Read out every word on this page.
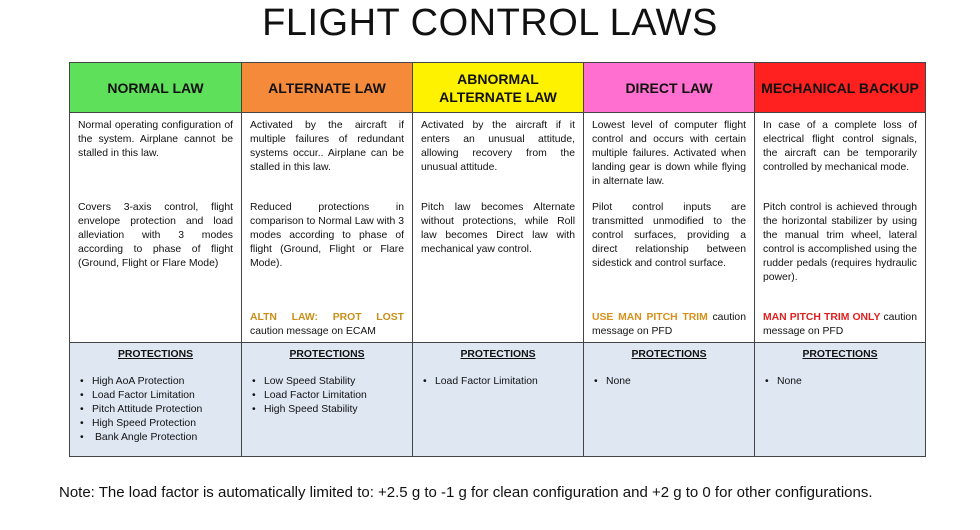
FLIGHT CONTROL LAWS
NORMAL LAW	ALTERNATE LAW
ABNORMAL ALTERNATE LAW
DIRECT LAW	MECHANICAL BACKUP
Normal operating configuration of the system. Airplane cannot be stalled in this law.
Covers 3-axis control, flight envelope protection and load alleviation with 3 modes according to phase of flight (Ground, Flight or Flare Mode)
Activated by the aircraft if multiple failures of redundant systems occur.. Airplane can be stalled in this law.
Reduced protections in comparison to Normal Law with 3 modes according to phase of flight (Ground, Flight or Flare Mode).
ALTN LAW: PROT LOST caution message on ECAM
Activated by the aircraft if it enters an unusual attitude, allowing recovery from the unusual attitude.
Pitch law becomes Alternate without protections, while Roll law becomes Direct law with mechanical yaw control.
Lowest level of computer flight control and occurs with certain multiple failures. Activated when landing gear is down while flying in alternate law.
Pilot control inputs are transmitted unmodified to the control surfaces, providing a direct relationship between sidestick and control surface.
USE MAN PITCH TRIM caution message on PFD
In case of a complete loss of electrical flight control signals, the aircraft can be temporarily controlled by mechanical mode.
Pitch control is achieved through the horizontal stabilizer by using the manual trim wheel, lateral control is accomplished using the rudder pedals (requires hydraulic power).
MAN PITCH TRIM ONLY caution message on PFD
PROTECTIONS
• High AoA Protection
• Load Factor Limitation
• Pitch Attitude Protection
• High Speed Protection
• Bank Angle Protection
PROTECTIONS
• Low Speed Stability
• Load Factor Limitation
• High Speed Stability
PROTECTIONS
• Load Factor Limitation
PROTECTIONS
• None
PROTECTIONS
• None
Note: The load factor is automatically limited to: +2.5 g to -1 g for clean configuration and +2 g to 0 for other configurations.
